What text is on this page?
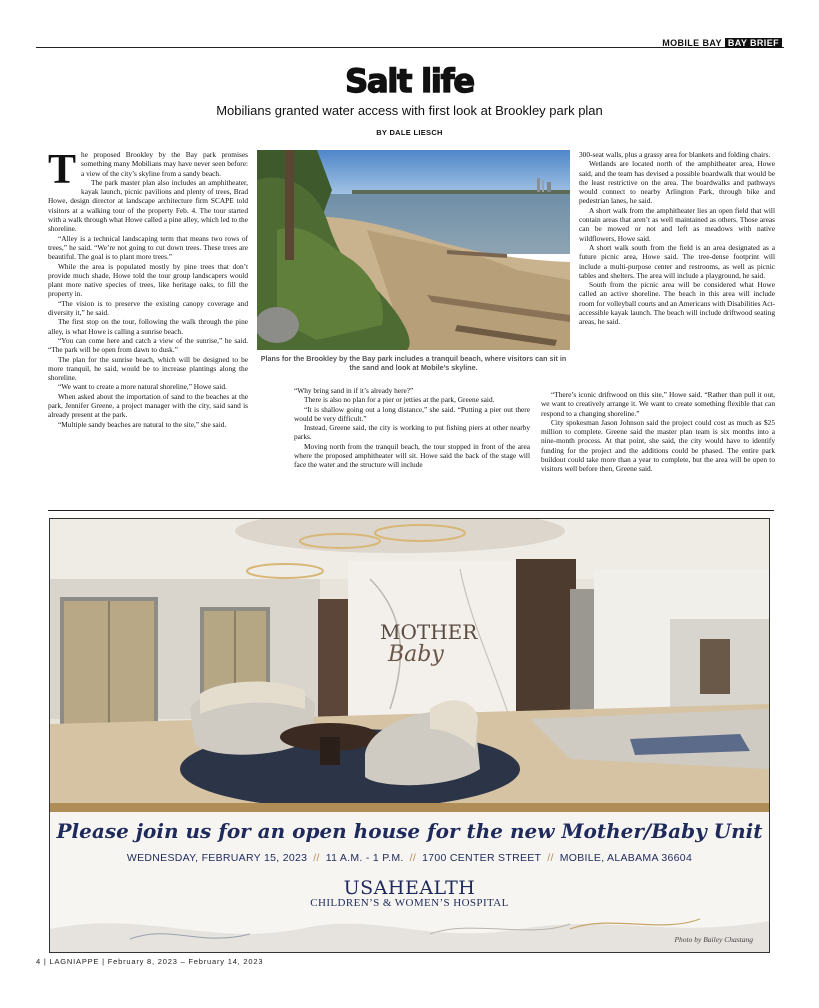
MOBILE BAY BAY BRIEF
Salt life
Mobilians granted water access with first look at Brookley park plan
BY DALE LIESCH
T he proposed Brookley by the Bay park promises something many Mobilians may have never seen before: a view of the city’s skyline from a sandy beach.

The park master plan also includes an amphitheater, kayak launch, picnic pavilions and plenty of trees, Brad Howe, design director at landscape architecture firm SCAPE told visitors at a walking tour of the property Feb. 4. The tour started with a walk through what Howe called a pine alley, which led to the shoreline.

“Alley is a technical landscaping term that means two rows of trees,” he said. “We’re not going to cut down trees. These trees are beautiful. The goal is to plant more trees.”

While the area is populated mostly by pine trees that don’t provide much shade, Howe told the tour group landscapers would plant more native species of trees, like heritage oaks, to fill the property in.

“The vision is to preserve the existing canopy coverage and diversity it,” he said.

The first stop on the tour, following the walk through the pine alley, is what Howe is calling a sunrise beach.

“You can come here and catch a view of the sunrise,” he said. “The park will be open from dawn to dusk.”

The plan for the sunrise beach, which will be designed to be more tranquil, he said, would be to increase plantings along the shoreline.

“We want to create a more natural shoreline,” Howe said.

When asked about the importation of sand to the beaches at the park, Jennifer Greene, a project manager with the city, said sand is already present at the park.

“Multiple sandy beaches are natural to the site,” she said.

Plans for the Brookley by the Bay park includes a tranquil beach, where visitors can sit in the sand and look at Mobile’s skyline.

“Why bring sand in if it’s already here?”

There is also no plan for a pier or jetties at the park, Greene said.

“It is shallow going out a long distance,” she said. “Putting a pier out there would be very difficult.”

Instead, Greene said, the city is working to put fishing piers at other nearby parks.

Moving north from the tranquil beach, the tour stopped in front of the area where the proposed amphitheater will sit. Howe said the back of the stage will face the water and the structure will include

300-seat walls, plus a grassy area for blankets and folding chairs.

Wetlands are located north of the amphitheater area, Howe said, and the team has devised a possible boardwalk that would be the least restrictive on the area. The boardwalks and pathways would connect to nearby Arlington Park, through bike and pedestrian lanes, he said.

A short walk from the amphitheater lies an open field that will contain areas that aren’t as well maintained as others. Those areas can be mowed or not and left as meadows with native wildflowers, Howe said.

A short walk south from the field is an area designated as a future picnic area, Howe said. The tree-dense footprint will include a multi-purpose center and restrooms, as well as picnic tables and shelters. The area will include a playground, he said.

South from the picnic area will be considered what Howe called an active shoreline. The beach in this area will include room for volleyball courts and an Americans with Disabilities Act-accessible kayak launch. The beach will include driftwood seating areas, he said.

“There’s iconic driftwood on this site,” Howe said. “Rather than pull it out, we want to creatively arrange it. We want to create something flexible that can respond to a changing shoreline.”

City spokesman Jason Johnson said the project could cost as much as $25 million to complete. Greene said the master plan team is six months into a nine-month process. At that point, she said, the city would have to identify funding for the project and the additions could be phased. The entire park buildout could take more than a year to complete, but the area will be open to visitors well before then, Greene said.

MOTHER
Baby
Please join us for an open house for the new Mother/Baby Unit
WEDNESDAY, FEBRUARY 15, 2023 // 11 A.M. - 1 P.M. // 1700 CENTER STREET // MOBILE, ALABAMA 36604
USAHEALTH
CHILDREN’S & WOMEN’S HOSPITAL
Photo by Bailey Chastang
4 | LAGNIAPPE | February 8, 2023 – February 14, 2023
